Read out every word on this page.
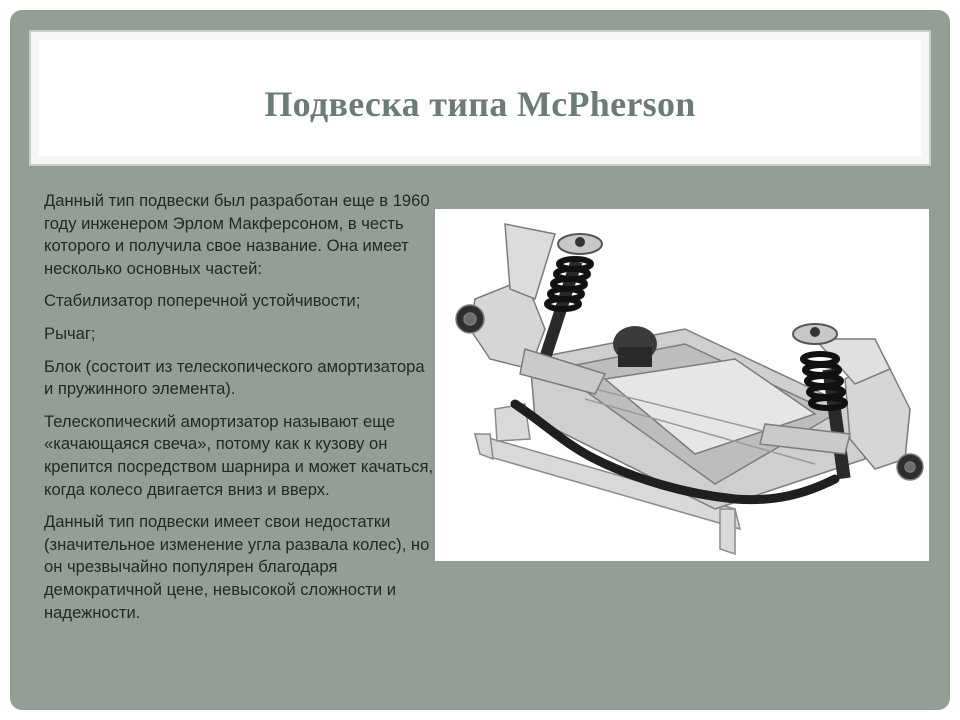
Подвеска типа McPherson

Данный тип подвески был разработан еще в 1960 году инженером Эрлом Макферсоном, в честь которого и получила свое название. Она имеет несколько основных частей:

Стабилизатор поперечной устойчивости;

Рычаг;

Блок (состоит из телескопического амортизатора и пружинного элемента).

Телескопический амортизатор называют еще «качающаяся свеча», потому как к кузову он крепится посредством шарнира и может качаться, когда колесо двигается вниз и вверх.

Данный тип подвески имеет свои недостатки (значительное изменение угла развала колес), но он чрезвычайно популярен благодаря демократичной цене, невысокой сложности и надежности.
